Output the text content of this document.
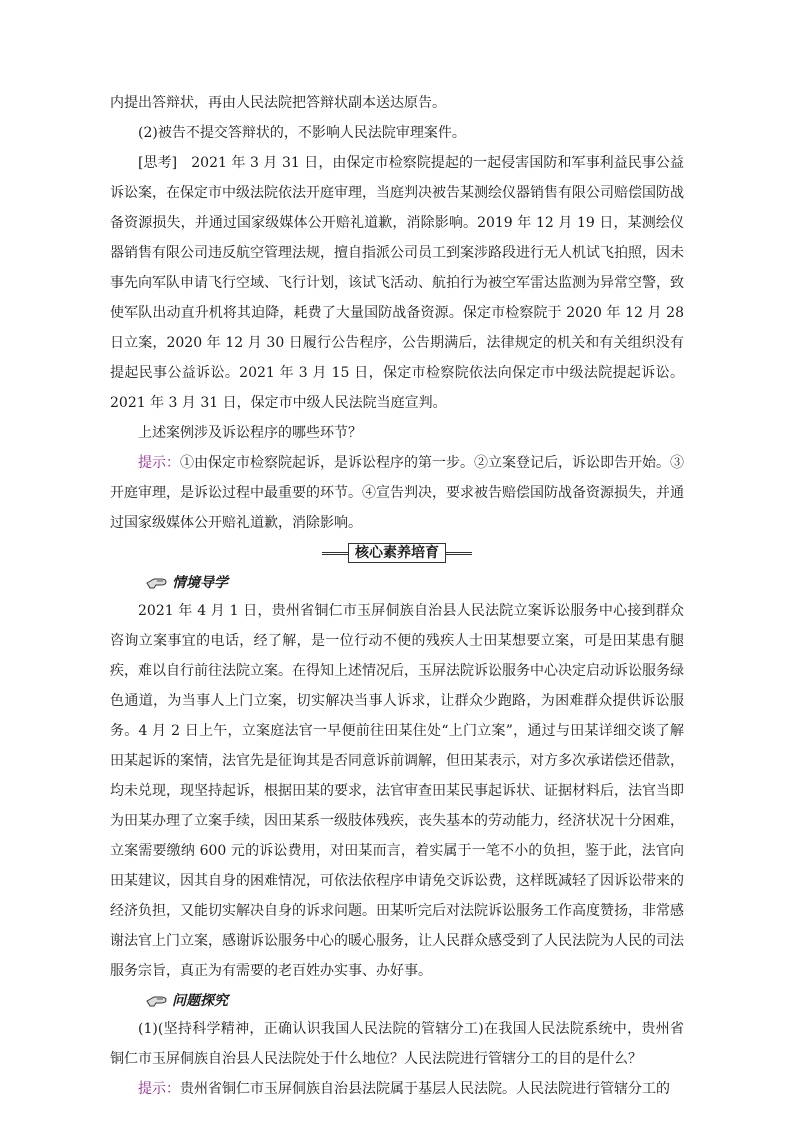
内提出答辩状，再由人民法院把答辩状副本送达原告。

(2)被告不提交答辩状的，不影响人民法院审理案件。

[思考]　2021 年 3 月 31 日，由保定市检察院提起的一起侵害国防和军事利益民事公益诉讼案，在保定市中级法院依法开庭审理，当庭判决被告某测绘仪器销售有限公司赔偿国防战备资源损失，并通过国家级媒体公开赔礼道歉，消除影响。2019 年 12 月 19 日，某测绘仪器销售有限公司违反航空管理法规，擅自指派公司员工到案涉路段进行无人机试飞拍照，因未事先向军队申请飞行空域、飞行计划，该试飞活动、航拍行为被空军雷达监测为异常空警，致使军队出动直升机将其迫降，耗费了大量国防战备资源。保定市检察院于 2020 年 12 月 28 日立案，2020 年 12 月 30 日履行公告程序，公告期满后，法律规定的机关和有关组织没有提起民事公益诉讼。2021 年 3 月 15 日，保定市检察院依法向保定市中级法院提起诉讼。2021 年 3 月 31 日，保定市中级人民法院当庭宣判。

上述案例涉及诉讼程序的哪些环节？

提示：①由保定市检察院起诉，是诉讼程序的第一步。②立案登记后，诉讼即告开始。③开庭审理，是诉讼过程中最重要的环节。④宣告判决，要求被告赔偿国防战备资源损失，并通过国家级媒体公开赔礼道歉，消除影响。

核心素养培育
情境导学

2021 年 4 月 1 日，贵州省铜仁市玉屏侗族自治县人民法院立案诉讼服务中心接到群众咨询立案事宜的电话，经了解，是一位行动不便的残疾人士田某想要立案，可是田某患有腿疾，难以自行前往法院立案。在得知上述情况后，玉屏法院诉讼服务中心决定启动诉讼服务绿色通道，为当事人上门立案，切实解决当事人诉求，让群众少跑路，为困难群众提供诉讼服务。4 月 2 日上午，立案庭法官一早便前往田某住处“上门立案”，通过与田某详细交谈了解田某起诉的案情，法官先是征询其是否同意诉前调解，但田某表示，对方多次承诺偿还借款，均未兑现，现坚持起诉，根据田某的要求，法官审查田某民事起诉状、证据材料后，法官当即为田某办理了立案手续，因田某系一级肢体残疾，丧失基本的劳动能力，经济状况十分困难，立案需要缴纳 600 元的诉讼费用，对田某而言，着实属于一笔不小的负担，鉴于此，法官向田某建议，因其自身的困难情况，可依法依程序申请免交诉讼费，这样既减轻了因诉讼带来的经济负担，又能切实解决自身的诉求问题。田某听完后对法院诉讼服务工作高度赞扬，非常感谢法官上门立案，感谢诉讼服务中心的暖心服务，让人民群众感受到了人民法院为人民的司法服务宗旨，真正为有需要的老百姓办实事、办好事。

问题探究

(1)(坚持科学精神，正确认识我国人民法院的管辖分工)在我国人民法院系统中，贵州省铜仁市玉屏侗族自治县人民法院处于什么地位？人民法院进行管辖分工的目的是什么？

提示：贵州省铜仁市玉屏侗族自治县法院属于基层人民法院。人民法院进行管辖分工的
